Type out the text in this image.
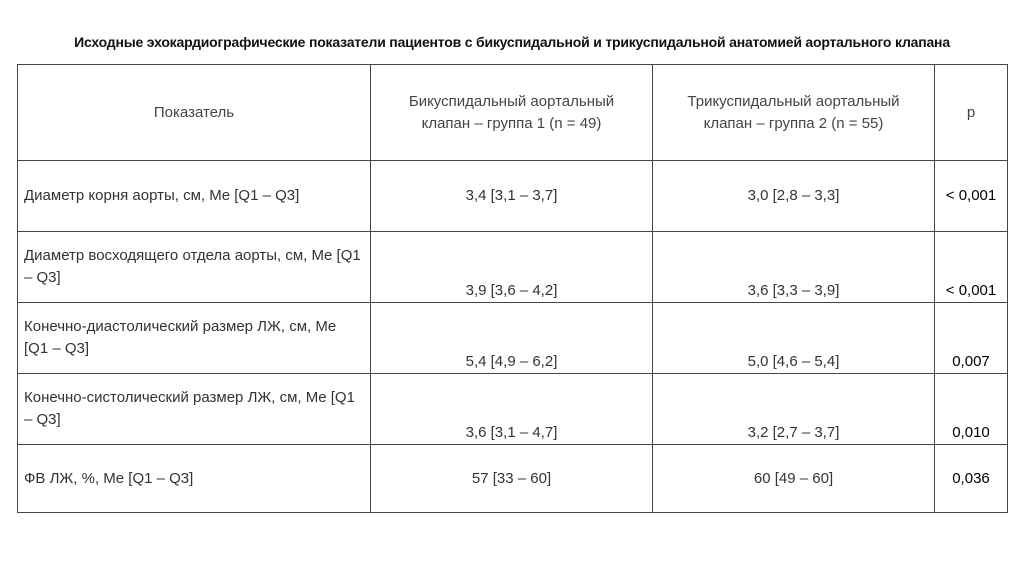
Исходные эхокардиографические показатели пациентов с бикуспидальной и трикуспидальной анатомией аортального клапана
Показатель	Бикуспидальный аортальный клапан – группа 1 (n = 49)	Трикуспидальный аортальный клапан – группа 2 (n = 55)	p
Диаметр корня аорты, см, Me [Q1 – Q3]	3,4 [3,1 – 3,7]	3,0 [2,8 – 3,3]	< 0,001
Диаметр восходящего отдела аорты, см, Me [Q1 – Q3]	3,9 [3,6 – 4,2]	3,6 [3,3 – 3,9]	< 0,001
Конечно-диастолический размер ЛЖ, см, Me [Q1 – Q3]	5,4 [4,9 – 6,2]	5,0 [4,6 – 5,4]	0,007
Конечно-систолический размер ЛЖ, см, Me [Q1 – Q3]	3,6 [3,1 – 4,7]	3,2 [2,7 – 3,7]	0,010
ФВ ЛЖ, %, Me [Q1 – Q3]	57 [33 – 60]	60 [49 – 60]	0,036
